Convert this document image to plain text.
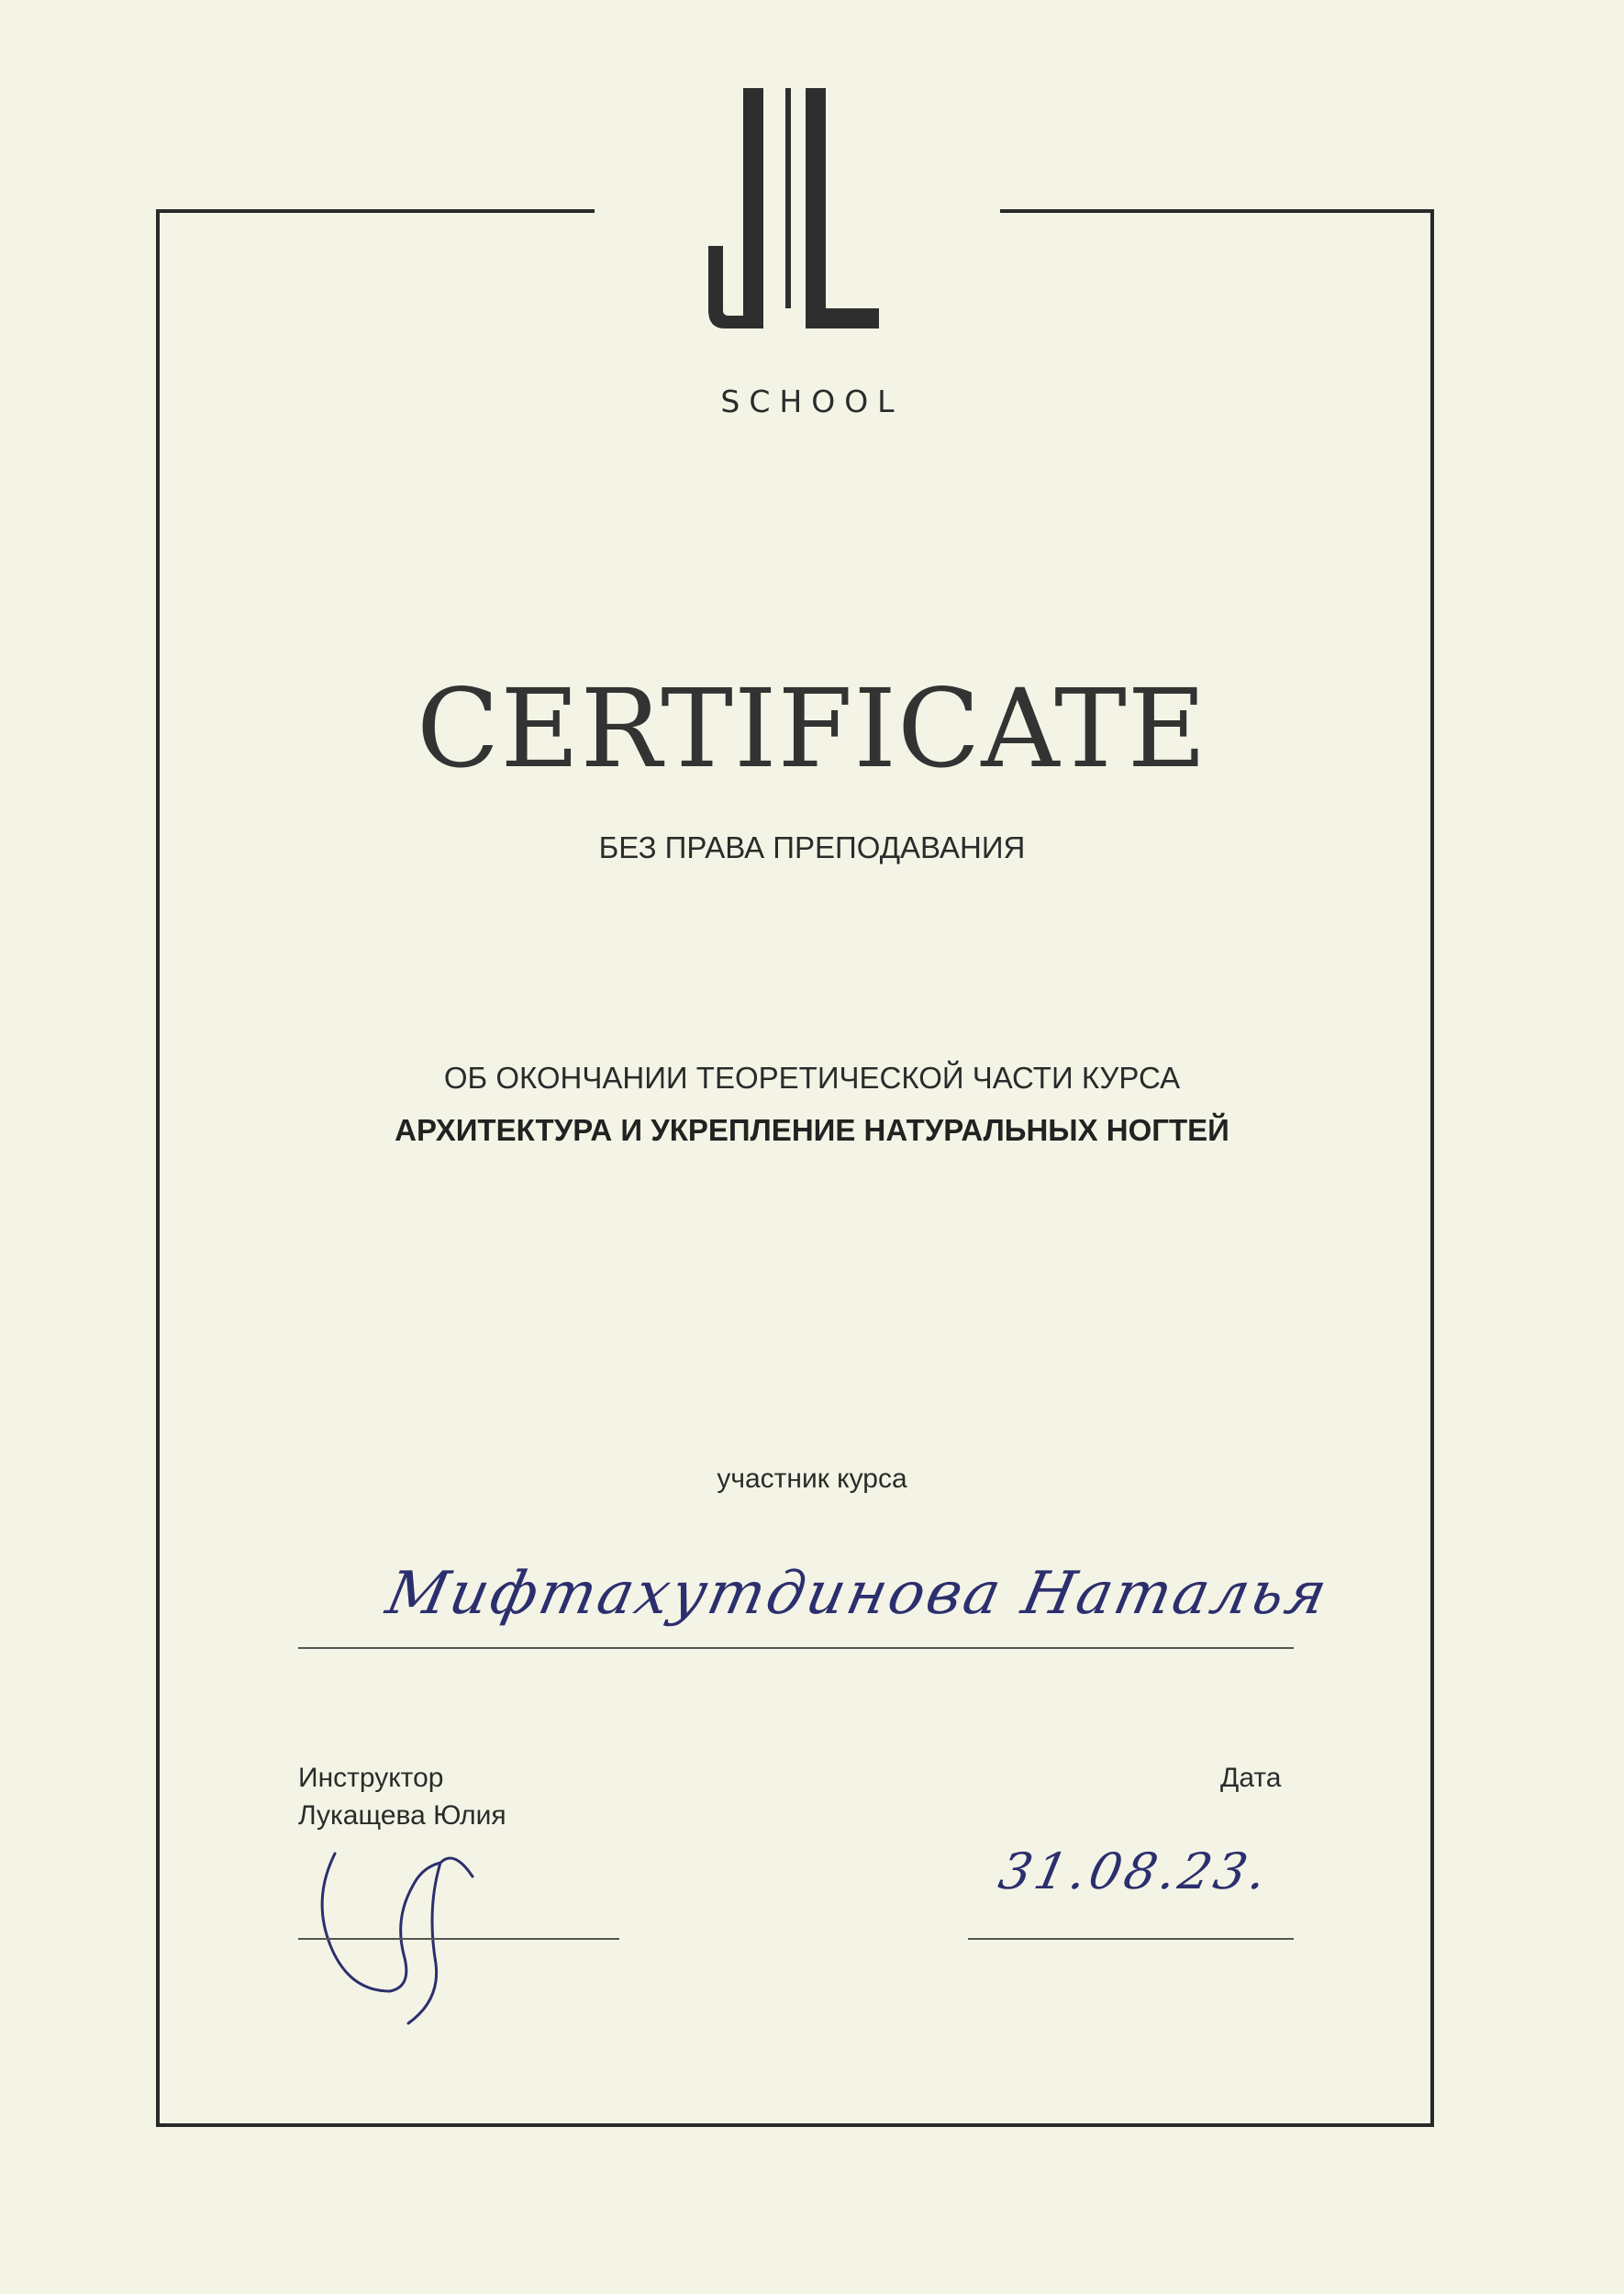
SCHOOL
CERTIFICATE
БЕЗ ПРАВА ПРЕПОДАВАНИЯ
ОБ ОКОНЧАНИИ ТЕОРЕТИЧЕСКОЙ ЧАСТИ КУРСА
АРХИТЕКТУРА И УКРЕПЛЕНИЕ НАТУРАЛЬНЫХ НОГТЕЙ
участник курса
Мифтахутдинова Наталья
Инструктор
Лукащева Юлия
Дата
31.08.23.
